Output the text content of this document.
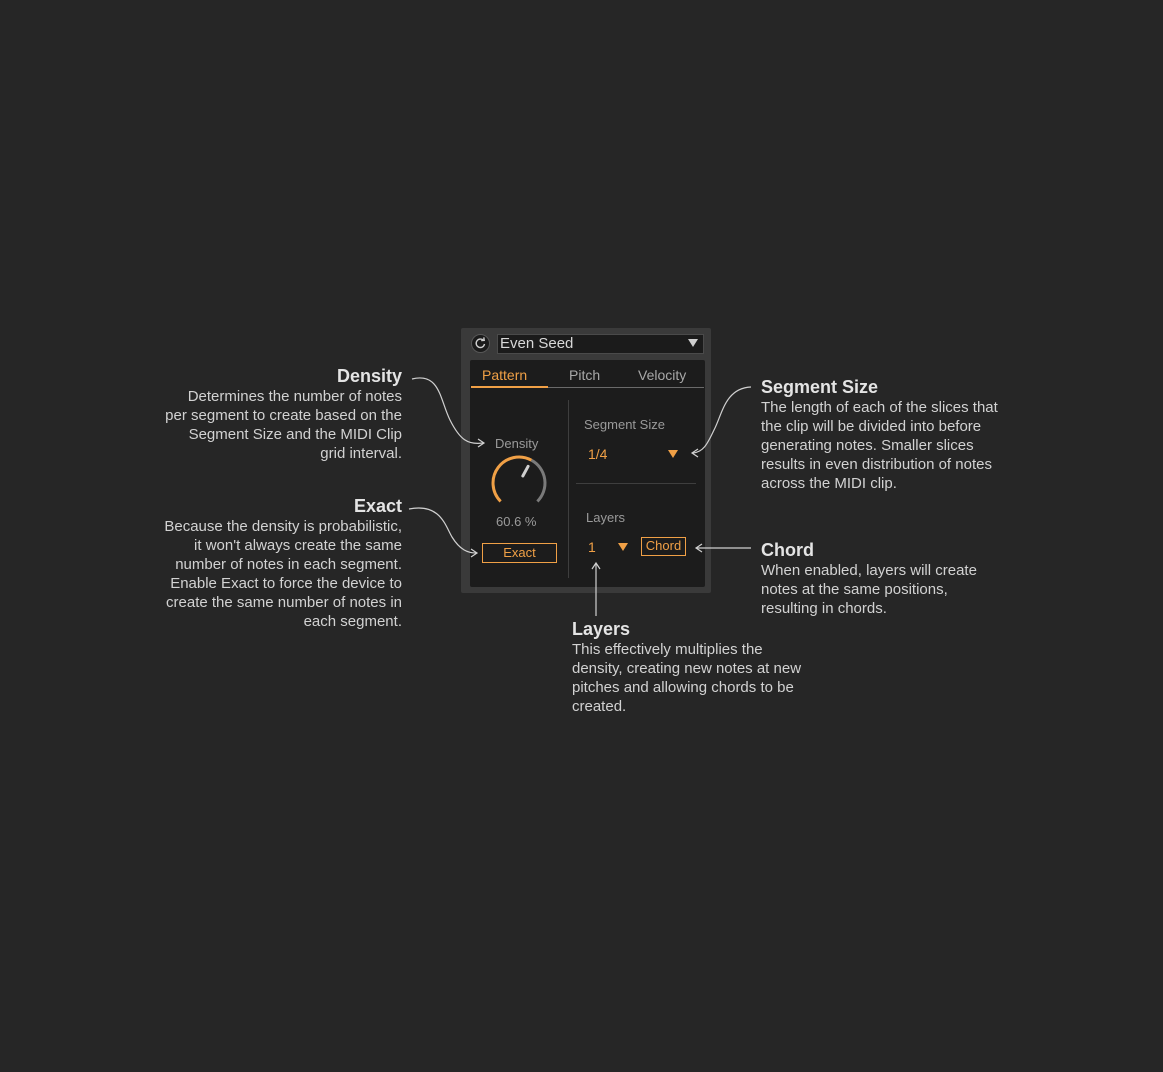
Even Seed
Pattern	Pitch	Velocity
Density
60.6 %
Exact
Segment Size
1/4
Layers
1	Chord
Density
Determines the number of notes per segment to create based on the Segment Size and the MIDI Clip grid interval.
Exact
Because the density is probabilistic, it won't always create the same number of notes in each segment. Enable Exact to force the device to create the same number of notes in each segment.
Segment Size
The length of each of the slices that the clip will be divided into before generating notes. Smaller slices results in even distribution of notes across the MIDI clip.
Chord
When enabled, layers will create notes at the same positions, resulting in chords.
Layers
This effectively multiplies the density, creating new notes at new pitches and allowing chords to be created.
